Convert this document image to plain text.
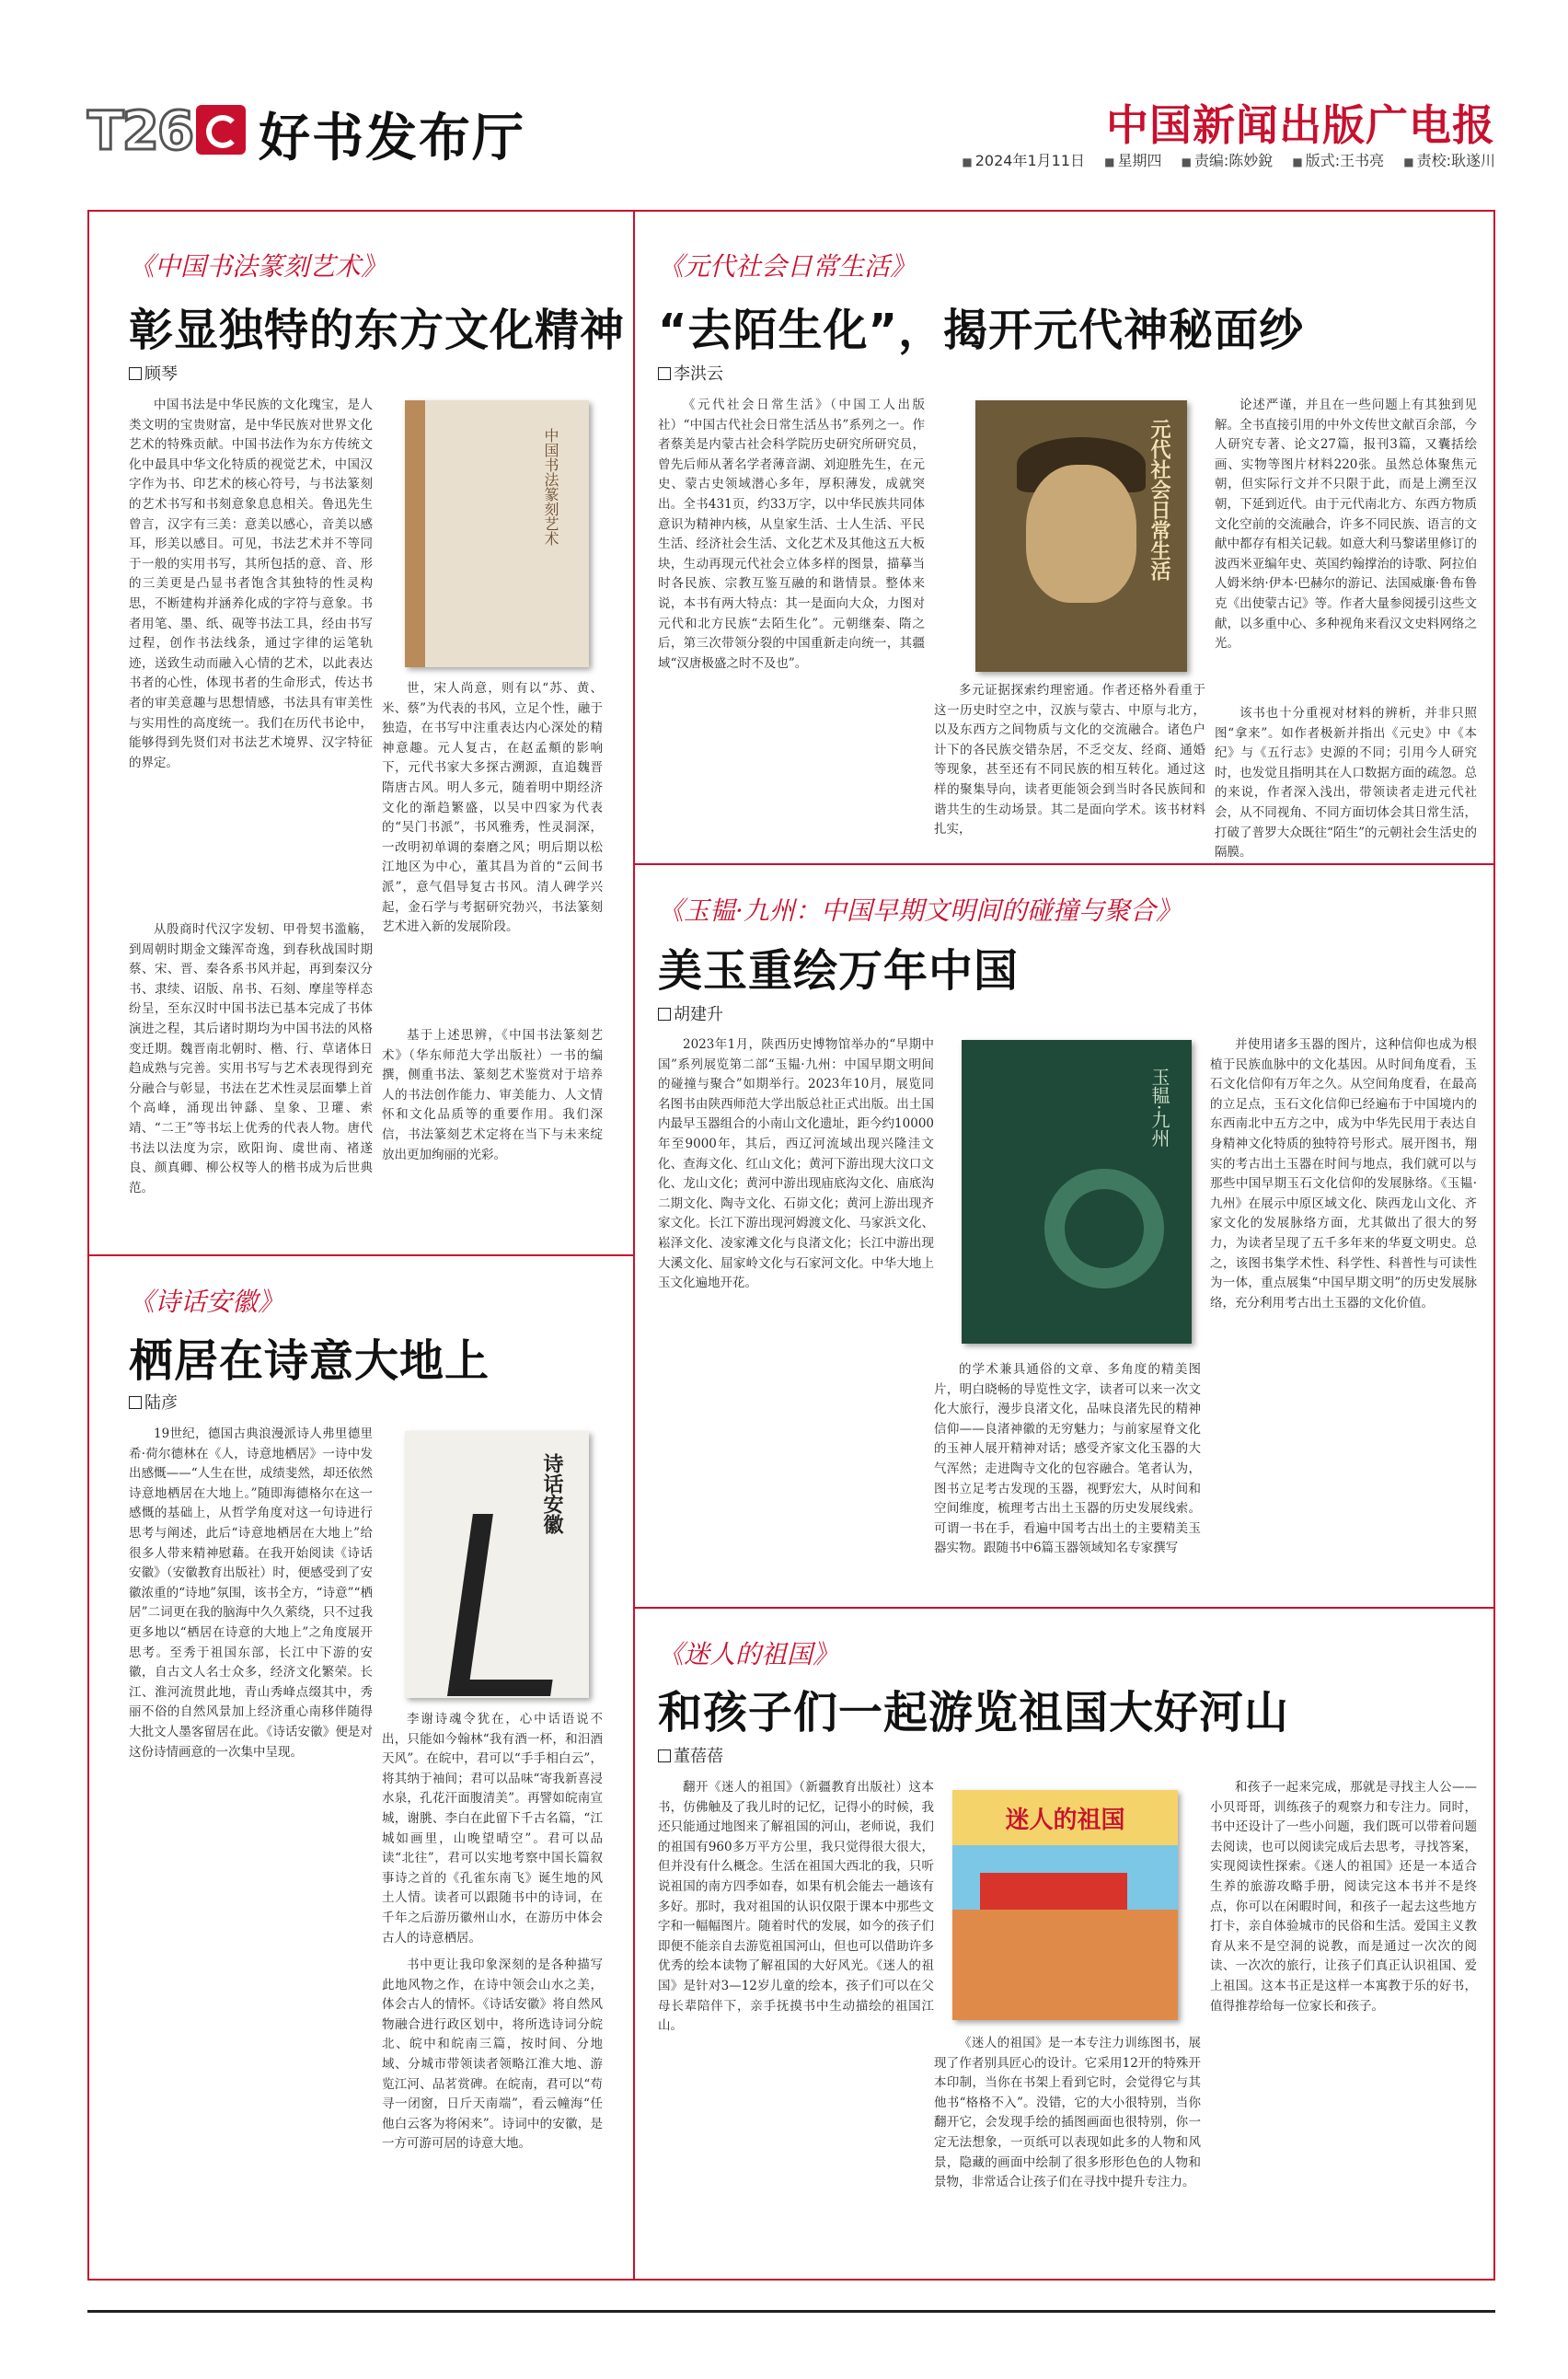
T26 好书发布厅	中国新闻出版广电报
■ 2024年1月11日 ■ 星期四 ■ 责编:陈妙銳 ■ 版式:王书亮 ■ 责校:耿遂川
《中国书法篆刻艺术》
彰显独特的东方文化精神
顾琴

中国书法是中华民族的文化瑰宝，是人类文明的宝贵财富，是中华民族对世界文化艺术的特殊贡献。中国书法作为东方传统文化中最具中华文化特质的视觉艺术，中国汉字作为书、印艺术的核心符号，与书法篆刻的艺术书写和书刻意象息息相关。鲁迅先生曾言，汉字有三美：意美以感心，音美以感耳，形美以感目。可见，书法艺术并不等同于一般的实用书写，其所包括的意、音、形的三美更是凸显书者饱含其独特的性灵构思，不断建构并涵养化成的字符与意象。书者用笔、墨、纸、砚等书法工具，经由书写过程，创作书法线条，通过字律的运笔轨迹，送致生动而融入心情的艺术，以此表达书者的心性，体现书者的生命形式，传达书者的审美意趣与思想情感，书法具有审美性与实用性的高度统一。我们在历代书论中，能够得到先贤们对书法艺术境界、汉字特征的界定。

从殷商时代汉字发轫、甲骨契书滥觞，到周朝时期金文臻浑奇逸，到春秋战国时期蔡、宋、晋、秦各系书风并起，再到秦汉分书、隶续、诏版、帛书、石刻、摩崖等样态纷呈，至东汉时中国书法已基本完成了书体演进之程，其后诸时期均为中国书法的风格变迁期。魏晋南北朝时、楷、行、草诸体日趋成熟与完善。实用书写与艺术表现得到充分融合与彰显，书法在艺术性灵层面攀上首个高峰，涌现出钟繇、皇象、卫瓘、索靖、“二王”等书坛上优秀的代表人物。唐代书法以法度为宗，欧阳询、虞世南、褚遂良、颜真卿、柳公权等人的楷书成为后世典范。

中国书法篆刻艺术

世，宋人尚意，则有以“苏、黄、米、蔡”为代表的书风，立足个性，融于独造，在书写中注重表达内心深处的精神意趣。元人复古，在赵孟頫的影响下，元代书家大多探古溯源，直追魏晋隋唐古风。明人多元，随着明中期经济文化的渐趋繁盛，以吴中四家为代表的“吴门书派”，书风雅秀，性灵洞深，一改明初单调的秦磨之风；明后期以松江地区为中心，董其昌为首的“云间书派”，意气倡导复古书风。清人碑学兴起，金石学与考据研究勃兴，书法篆刻艺术进入新的发展阶段。

基于上述思辨，《中国书法篆刻艺术》（华东师范大学出版社）一书的编撰，侧重书法、篆刻艺术鉴赏对于培养人的书法创作能力、审美能力、人文情怀和文化品质等的重要作用。我们深信，书法篆刻艺术定将在当下与未来绽放出更加绚丽的光彩。

《元代社会日常生活》
“去陌生化”，揭开元代神秘面纱
李洪云

《元代社会日常生活》（中国工人出版社）“中国古代社会日常生活丛书”系列之一。作者蔡美是内蒙古社会科学院历史研究所研究员，曾先后师从著名学者薄音湖、刘迎胜先生，在元史、蒙古史领域潜心多年，厚积薄发，成就突出。全书431页，约33万字，以中华民族共同体意识为精神内核，从皇家生活、士人生活、平民生活、经济社会生活、文化艺术及其他这五大板块，生动再现元代社会立体多样的图景，描摹当时各民族、宗教互鉴互融的和谐情景。整体来说，本书有两大特点：其一是面向大众，力图对元代和北方民族“去陌生化”。元朝继秦、隋之后，第三次带领分裂的中国重新走向统一，其疆域“汉唐极盛之时不及也”。

元代社会日常生活

多元证据探索约理密通。作者还格外看重于这一历史时空之中，汉族与蒙古、中原与北方，以及东西方之间物质与文化的交流融合。诸色户计下的各民族交错杂居，不乏交友、经商、通婚等现象，甚至还有不同民族的相互转化。通过这样的聚集导向，读者更能领会到当时各民族间和谐共生的生动场景。其二是面向学术。该书材料扎实，

论述严谨，并且在一些问题上有其独到见解。全书直接引用的中外文传世文献百余部，今人研究专著、论文27篇，报刊3篇，又囊括绘画、实物等图片材料220张。虽然总体聚焦元朝，但实际行文并不只限于此，而是上溯至汉朝，下延到近代。由于元代南北方、东西方物质文化空前的交流融合，许多不同民族、语言的文献中都存有相关记载。如意大利马黎诺里修订的波西米亚编年史、英国约翰撑治的诗歌、阿拉伯人姆米纳·伊本·巴赫尔的游记、法国威廉·鲁布鲁克《出使蒙古记》等。作者大量参阅援引这些文献，以多重中心、多种视角来看汉文史料网络之光。

该书也十分重视对材料的辨析，并非只照图“拿来”。如作者极新并指出《元史》中《本纪》与《五行志》史源的不同；引用今人研究时，也发觉且指明其在人口数据方面的疏忽。总的来说，作者深入浅出，带领读者走进元代社会，从不同视角、不同方面切体会其日常生活，打破了普罗大众既往“陌生”的元朝社会生活史的隔膜。

《玉韫·九州：中国早期文明间的碰撞与聚合》
美玉重绘万年中国
胡建升

2023年1月，陕西历史博物馆举办的“早期中国”系列展览第二部“玉韫·九州：中国早期文明间的碰撞与聚合”如期举行。2023年10月，展览同名图书由陕西师范大学出版总社正式出版。出土国内最早玉器组合的小南山文化遗址，距今约10000年至9000年，其后，西辽河流域出现兴隆洼文化、查海文化、红山文化；黄河下游出现大汶口文化、龙山文化；黄河中游出现庙底沟文化、庙底沟二期文化、陶寺文化、石峁文化；黄河上游出现齐家文化。长江下游出现河姆渡文化、马家浜文化、崧泽文化、凌家滩文化与良渚文化；长江中游出现大溪文化、屈家岭文化与石家河文化。中华大地上玉文化遍地开花。

玉韫·九州

的学术兼具通俗的文章、多角度的精美图片，明白晓畅的导览性文字，读者可以来一次文化大旅行，漫步良渚文化，品味良渚先民的精神信仰——良渚神徽的无穷魅力；与前家屋脊文化的玉神人展开精神对话；感受齐家文化玉器的大气浑然；走进陶寺文化的包容融合。笔者认为，图书立足考古发现的玉器，视野宏大，从时间和空间维度，梳理考古出土玉器的历史发展线索。可谓一书在手，看遍中国考古出土的主要精美玉器实物。跟随书中6篇玉器领域知名专家撰写

并使用诸多玉器的图片，这种信仰也成为根植于民族血脉中的文化基因。从时间角度看，玉石文化信仰有万年之久。从空间角度看，在最高的立足点，玉石文化信仰已经遍布于中国境内的东西南北中五方之中，成为中华先民用于表达自身精神文化特质的独特符号形式。展开图书，翔实的考古出土玉器在时间与地点，我们就可以与那些中国早期玉石文化信仰的发展脉络。《玉韫·九州》在展示中原区域文化、陕西龙山文化、齐家文化的发展脉络方面，尤其做出了很大的努力，为读者呈现了五千多年来的华夏文明史。总之，该图书集学术性、科学性、科普性与可读性为一体，重点展集“中国早期文明”的历史发展脉络，充分利用考古出土玉器的文化价值。

《诗话安徽》
栖居在诗意大地上
陆彦

19世纪，德国古典浪漫派诗人弗里德里希·荷尔德林在《人，诗意地栖居》一诗中发出感慨——“人生在世，成绩斐然，却还依然诗意地栖居在大地上。”随即海德格尔在这一感慨的基础上，从哲学角度对这一句诗进行思考与阐述，此后“诗意地栖居在大地上”给很多人带来精神慰藉。在我开始阅读《诗话安徽》（安徽教育出版社）时，便感受到了安徽浓重的“诗地”氛围，该书全方，“诗意”“栖居”二词更在我的脑海中久久萦绕，只不过我更多地以“栖居在诗意的大地上”之角度展开思考。至秀于祖国东部，长江中下游的安徽，自古文人名士众多，经济文化繁荣。长江、淮河流贯此地，青山秀峰点缀其中，秀丽不俗的自然风景加上经济重心南移伴随得大批文人墨客留居在此。《诗话安徽》便是对这份诗情画意的一次集中呈现。

诗话安徽

李谢诗魂令犹在，心中话语说不出，只能如今翰林“我有酒一杯，和汨酒天风”。在皖中，君可以“手手相白云”，将其纳于袖间；君可以品味“寄我新喜浸水泉，孔花汗面腹清美”。再譬如皖南宣城，谢朓、李白在此留下千古名篇，“江城如画里，山晚望晴空”。君可以品读“北往”，君可以实地考察中国长篇叙事诗之首的《孔雀东南飞》诞生地的风土人情。读者可以跟随书中的诗词，在千年之后游历徽州山水，在游历中体会古人的诗意栖居。

书中更让我印象深刻的是各种描写此地风物之作，在诗中领会山水之美，体会古人的情怀。《诗话安徽》将自然风物融合进行政区划中，将所选诗词分皖北、皖中和皖南三篇，按时间、分地域、分城市带领读者领略江淮大地、游览江河、品茗赏碑。在皖南，君可以“苟寻一闭窗，日斤天南端”，看云幢海“任他白云客为将闲来”。诗词中的安徽，是一方可游可居的诗意大地。

《迷人的祖国》
和孩子们一起游览祖国大好河山
董蓓蓓

翻开《迷人的祖国》（新疆教育出版社）这本书，仿佛触及了我儿时的记忆，记得小的时候，我还只能通过地图来了解祖国的河山，老师说，我们的祖国有960多万平方公里，我只觉得很大很大，但并没有什么概念。生活在祖国大西北的我，只听说祖国的南方四季如春，如果有机会能去一趟该有多好。那时，我对祖国的认识仅限于课本中那些文字和一幅幅图片。随着时代的发展，如今的孩子们即便不能亲自去游览祖国河山，但也可以借助许多优秀的绘本读物了解祖国的大好风光。《迷人的祖国》是针对3—12岁儿童的绘本，孩子们可以在父母长辈陪伴下，亲手抚摸书中生动描绘的祖国江山。

迷人的祖国

《迷人的祖国》是一本专注力训练图书，展现了作者别具匠心的设计。它采用12开的特殊开本印制，当你在书架上看到它时，会觉得它与其他书“格格不入”。没错，它的大小很特别，当你翻开它，会发现手绘的插图画面也很特别，你一定无法想象，一页纸可以表现如此多的人物和风景，隐藏的画面中绘制了很多形形色色的人物和景物，非常适合让孩子们在寻找中提升专注力。

和孩子一起来完成，那就是寻找主人公——小贝哥哥，训练孩子的观察力和专注力。同时，书中还设计了一些小问题，我们既可以带着问题去阅读，也可以阅读完成后去思考，寻找答案，实现阅读性探索。《迷人的祖国》还是一本适合生养的旅游攻略手册，阅读完这本书并不是终点，你可以在闲暇时间，和孩子一起去这些地方打卡，亲自体验城市的民俗和生活。爱国主义教育从来不是空洞的说教，而是通过一次次的阅读、一次次的旅行，让孩子们真正认识祖国、爱上祖国。这本书正是这样一本寓教于乐的好书，值得推荐给每一位家长和孩子。
